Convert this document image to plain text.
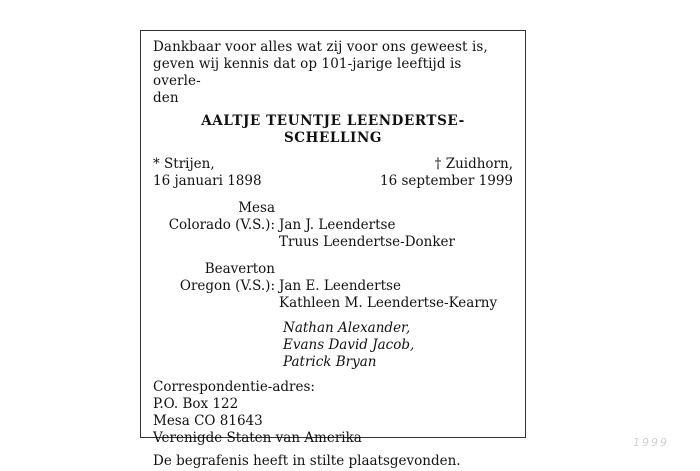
Dankbaar voor alles wat zij voor ons geweest is,
geven wij kennis dat op 101-jarige leeftijd is overle-
den
AALTJE TEUNTJE LEENDERTSE-SCHELLING
* Strijen,
16 januari 1898
† Zuidhorn,
16 september 1999
Mesa
Colorado (V.S.): Jan J. Leendertse
Truus Leendertse-Donker
Beaverton
Oregon (V.S.): Jan E. Leendertse
Kathleen M. Leendertse-Kearny
Nathan Alexander,
Evans David Jacob,
Patrick Bryan
Correspondentie-adres:
P.O. Box 122
Mesa CO 81643
Verenigde Staten van Amerika
De begrafenis heeft in stilte plaatsgevonden.
1999
